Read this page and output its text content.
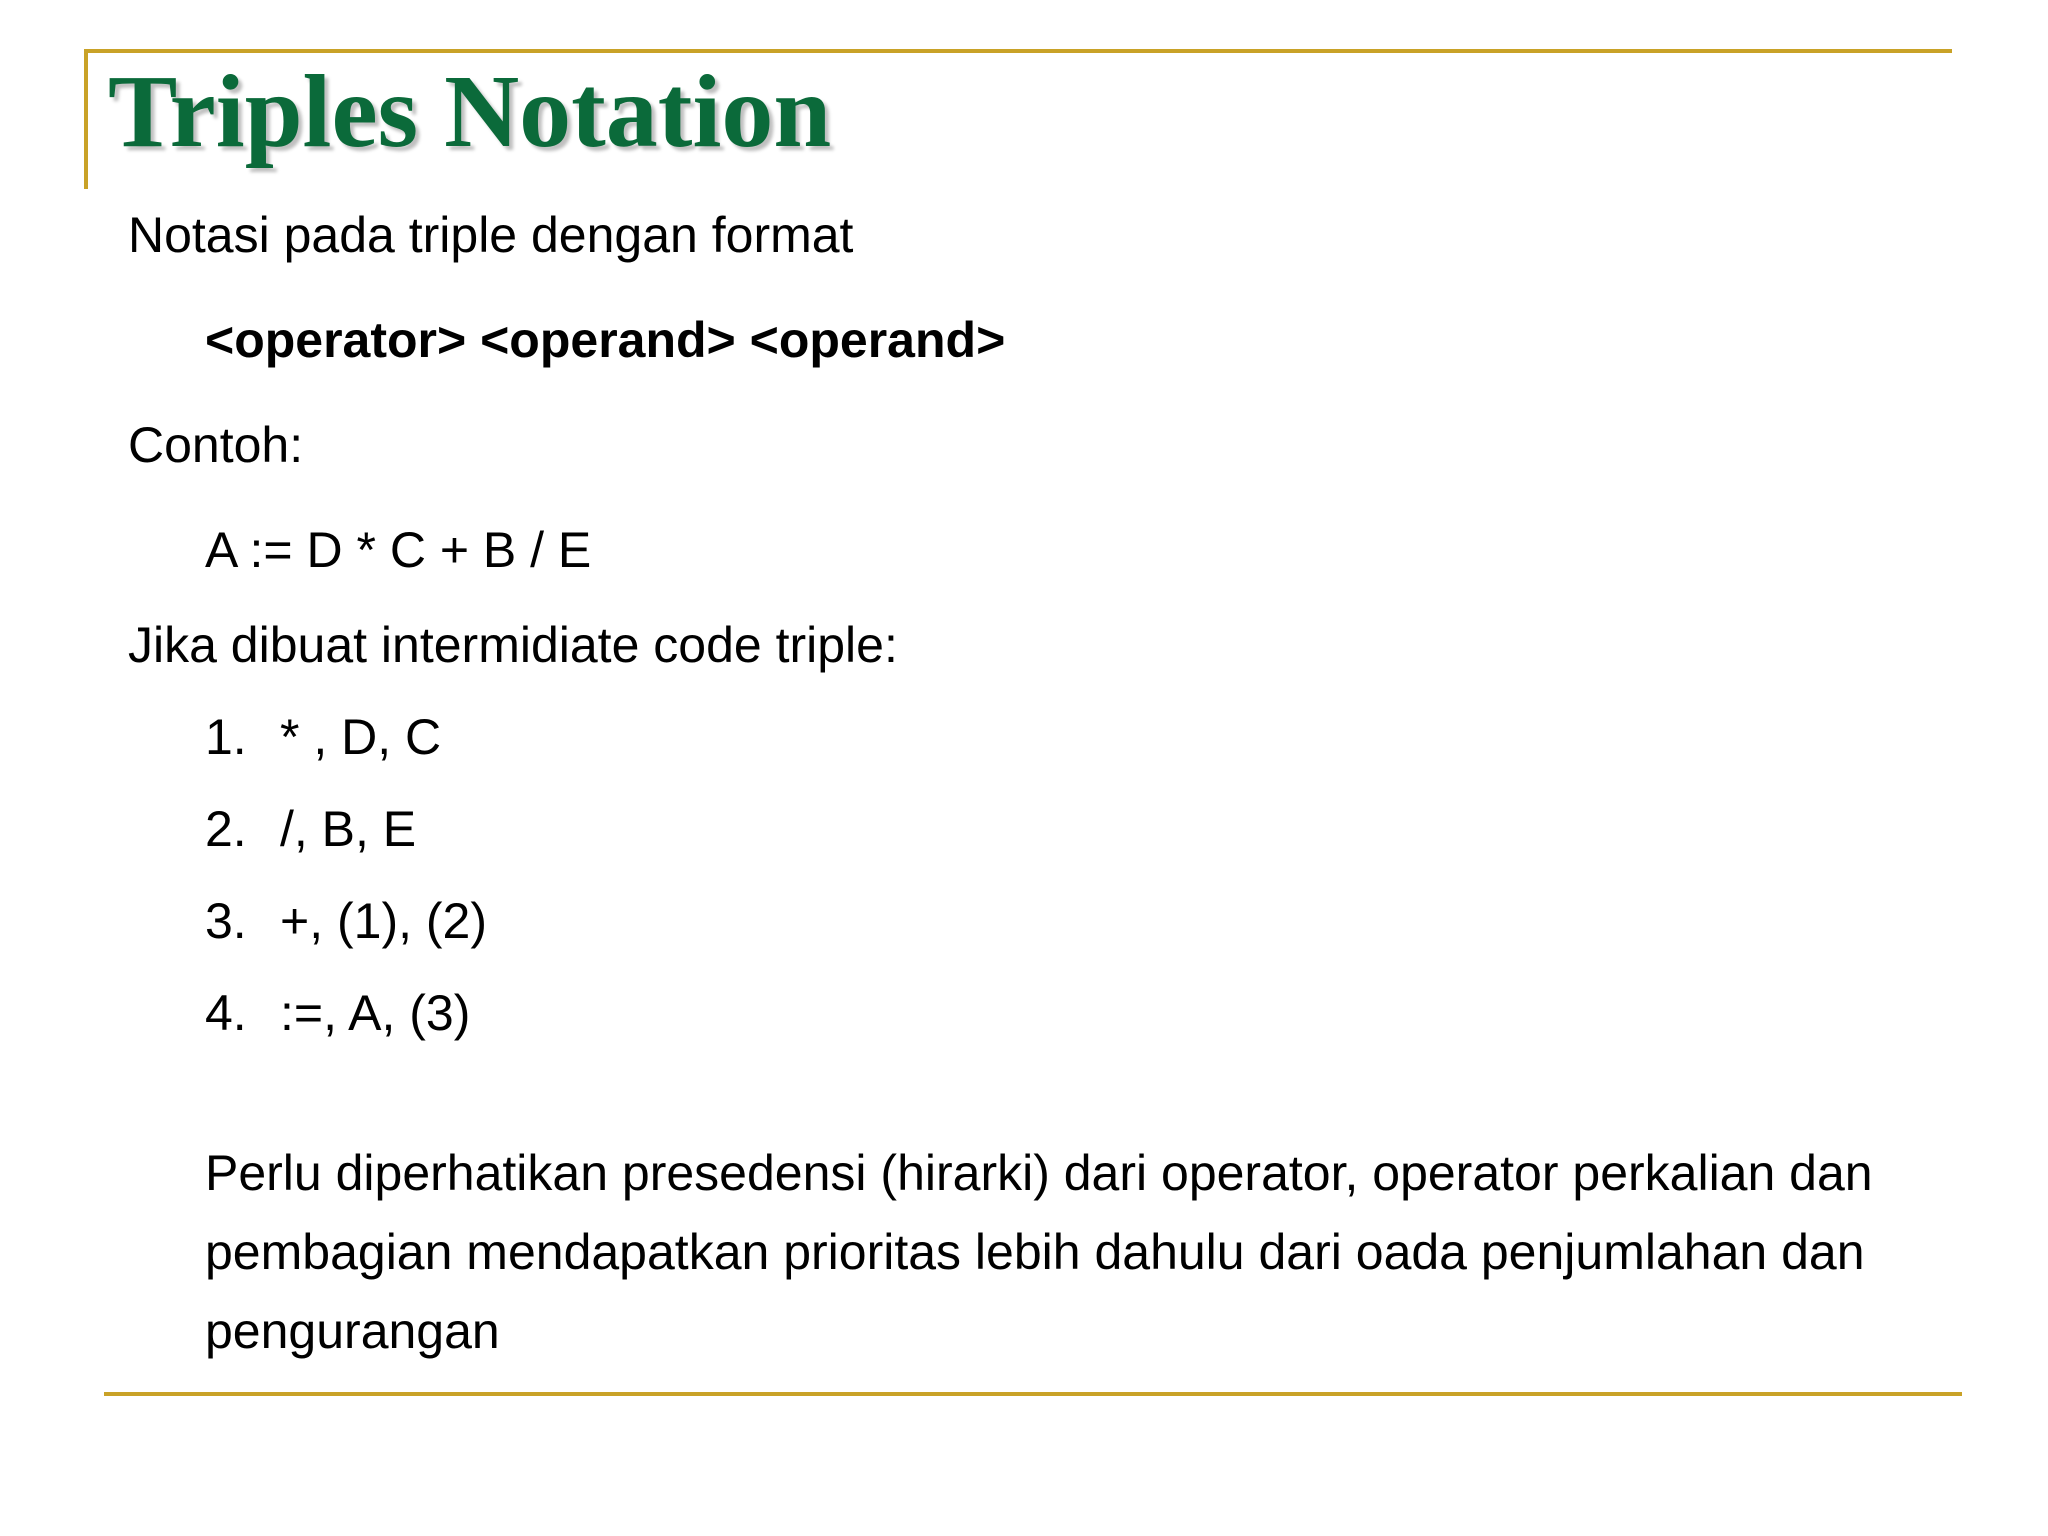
Triples Notation
Notasi pada triple dengan format
<operator> <operand> <operand>
Contoh:
A := D * C + B / E
Jika dibuat intermidiate code triple:
1. * , D, C
2. /, B, E
3. +, (1), (2)
4. :=, A, (3)

Perlu diperhatikan presedensi (hirarki) dari operator, operator perkalian dan pembagian mendapatkan prioritas lebih dahulu dari oada penjumlahan dan pengurangan
